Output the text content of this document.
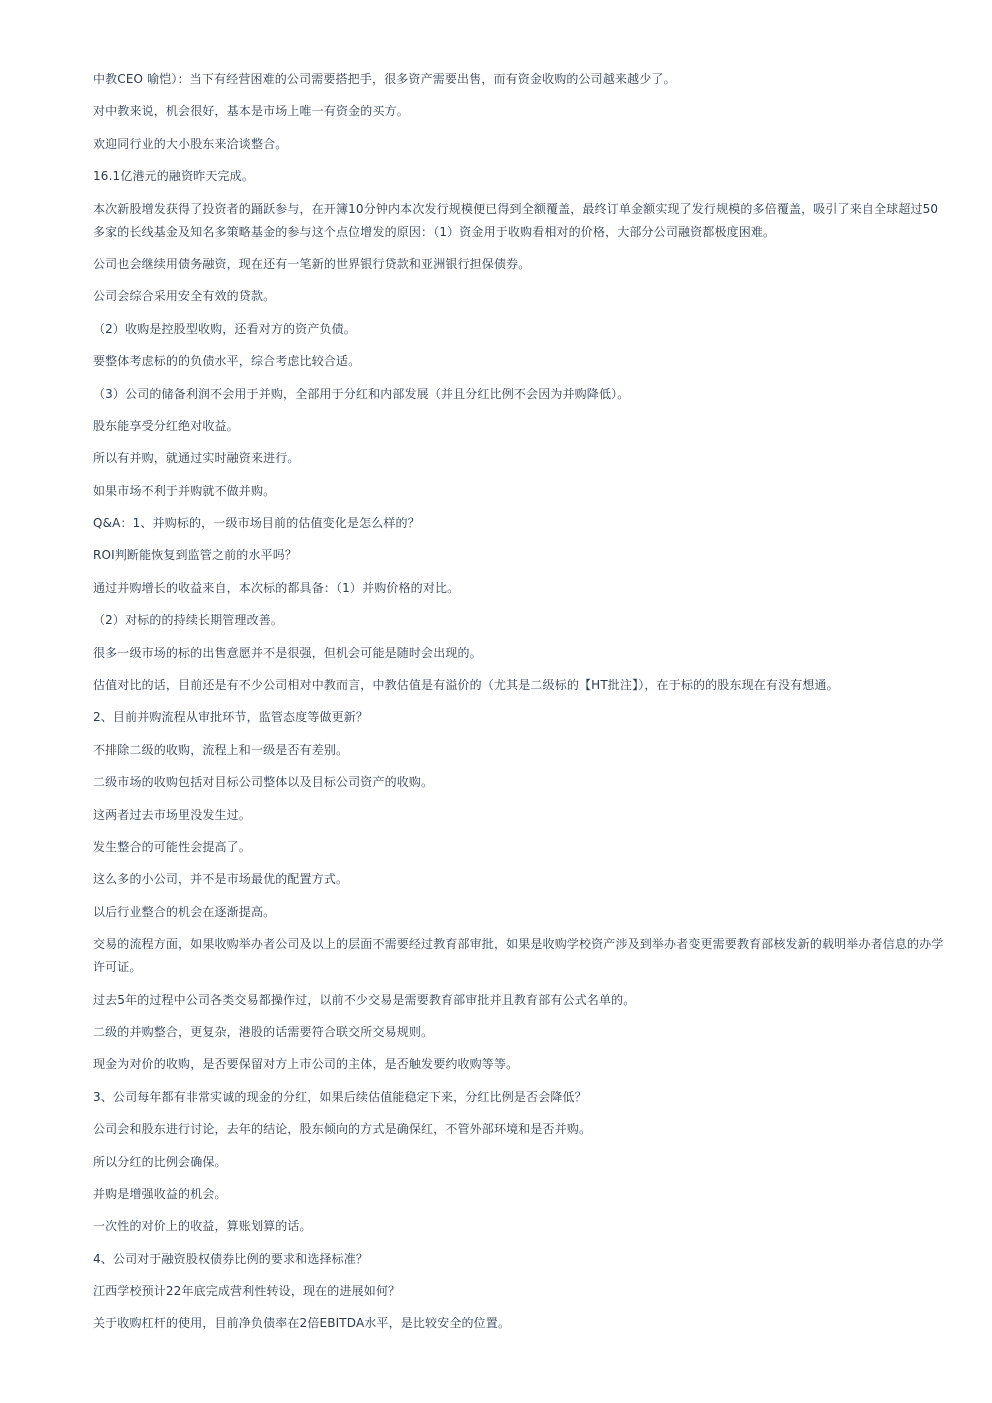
中教CEO 喻恺）：当下有经营困难的公司需要搭把手，很多资产需要出售，而有资金收购的公司越来越少了。

对中教来说，机会很好，基本是市场上唯一有资金的买方。

欢迎同行业的大小股东来洽谈整合。

16.1亿港元的融资昨天完成。

本次新股增发获得了投资者的踊跃参与，在开簿10分钟内本次发行规模便已得到全额覆盖，最终订单金额实现了发行规模的多倍覆盖，吸引了来自全球超过50多家的长线基金及知名多策略基金的参与这个点位增发的原因：（1）资金用于收购看相对的价格，大部分公司融资都极度困难。

公司也会继续用债务融资，现在还有一笔新的世界银行贷款和亚洲银行担保债券。

公司会综合采用安全有效的贷款。

（2）收购是控股型收购，还看对方的资产负债。

要整体考虑标的的负债水平，综合考虑比较合适。

（3）公司的储备利润不会用于并购，全部用于分红和内部发展（并且分红比例不会因为并购降低）。

股东能享受分红绝对收益。

所以有并购，就通过实时融资来进行。

如果市场不利于并购就不做并购。

Q&A：1、并购标的，一级市场目前的估值变化是怎么样的？

ROI判断能恢复到监管之前的水平吗？

通过并购增长的收益来自，本次标的都具备：（1）并购价格的对比。

（2）对标的的持续长期管理改善。

很多一级市场的标的出售意愿并不是很强，但机会可能是随时会出现的。

估值对比的话，目前还是有不少公司相对中教而言，中教估值是有溢价的（尤其是二级标的【HT批注】），在于标的的股东现在有没有想通。

2、目前并购流程从审批环节，监管态度等做更新？

不排除二级的收购，流程上和一级是否有差别。

二级市场的收购包括对目标公司整体以及目标公司资产的收购。

这两者过去市场里没发生过。

发生整合的可能性会提高了。

这么多的小公司，并不是市场最优的配置方式。

以后行业整合的机会在逐渐提高。

交易的流程方面，如果收购举办者公司及以上的层面不需要经过教育部审批，如果是收购学校资产涉及到举办者变更需要教育部核发新的载明举办者信息的办学许可证。

过去5年的过程中公司各类交易都操作过，以前不少交易是需要教育部审批并且教育部有公式名单的。

二级的并购整合，更复杂，港股的话需要符合联交所交易规则。

现金为对价的收购，是否要保留对方上市公司的主体，是否触发要约收购等等。

3、公司每年都有非常实诚的现金的分红，如果后续估值能稳定下来，分红比例是否会降低？

公司会和股东进行讨论，去年的结论，股东倾向的方式是确保红，不管外部环境和是否并购。

所以分红的比例会确保。

并购是增强收益的机会。

一次性的对价上的收益，算账划算的话。

4、公司对于融资股权债券比例的要求和选择标准？

江西学校预计22年底完成营利性转设，现在的进展如何？

关于收购杠杆的使用，目前净负债率在2倍EBITDA水平，是比较安全的位置。
